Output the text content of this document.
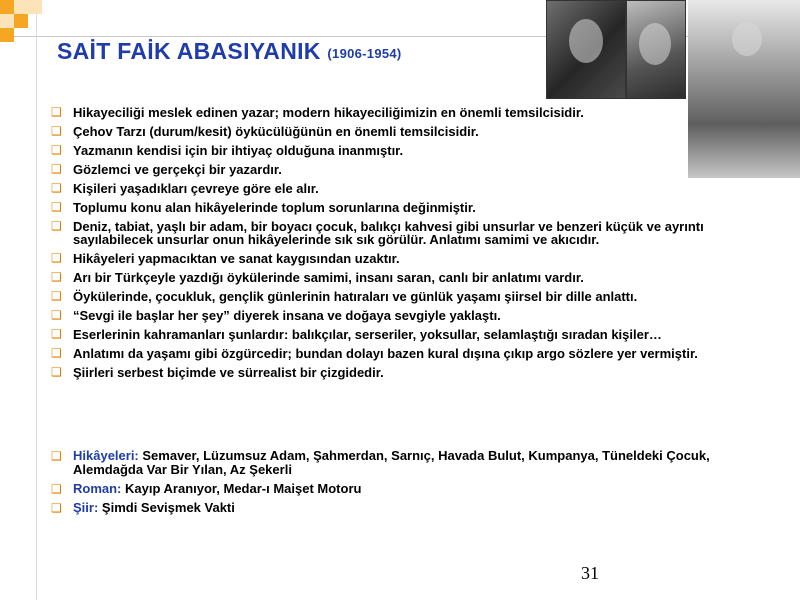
SAİT FAİK ABASIYANIK (1906-1954)
❑ Hikayeciliği meslek edinen yazar; modern hikayeciliğimizin en önemli temsilcisidir.
❑ Çehov Tarzı (durum/kesit) öykücülüğünün en önemli temsilcisidir.
❑ Yazmanın kendisi için bir ihtiyaç olduğuna inanmıştır.
❑ Gözlemci ve gerçekçi bir yazardır.
❑ Kişileri yaşadıkları çevreye göre ele alır.
❑ Toplumu konu alan hikâyelerinde toplum sorunlarına değinmiştir.
❑ Deniz, tabiat, yaşlı bir adam, bir boyacı çocuk, balıkçı kahvesi gibi unsurlar ve benzeri küçük ve ayrıntı sayılabilecek unsurlar onun hikâyelerinde sık sık görülür. Anlatımı samimi ve akıcıdır.
❑ Hikâyeleri yapmacıktan ve sanat kaygısından uzaktır.
❑ Arı bir Türkçeyle yazdığı öykülerinde samimi, insanı saran, canlı bir anlatımı vardır.
❑ Öykülerinde, çocukluk, gençlik günlerinin hatıraları ve günlük yaşamı şiirsel bir dille anlattı.
❑ “Sevgi ile başlar her şey” diyerek insana ve doğaya sevgiyle yaklaştı.
❑ Eserlerinin kahramanları şunlardır: balıkçılar, serseriler, yoksullar, selamlaştığı sıradan kişiler…
❑ Anlatımı da yaşamı gibi özgürcedir; bundan dolayı bazen kural dışına çıkıp argo sözlere yer vermiştir.
❑ Şiirleri serbest biçimde ve sürrealist bir çizgidedir.
❑ Hikâyeleri: Semaver, Lüzumsuz Adam, Şahmerdan, Sarnıç, Havada Bulut, Kumpanya, Tüneldeki Çocuk, Alemdağda Var Bir Yılan, Az Şekerli
❑ Roman: Kayıp Aranıyor, Medar-ı Maişet Motoru
❑ Şiir: Şimdi Sevişmek Vakti
31
